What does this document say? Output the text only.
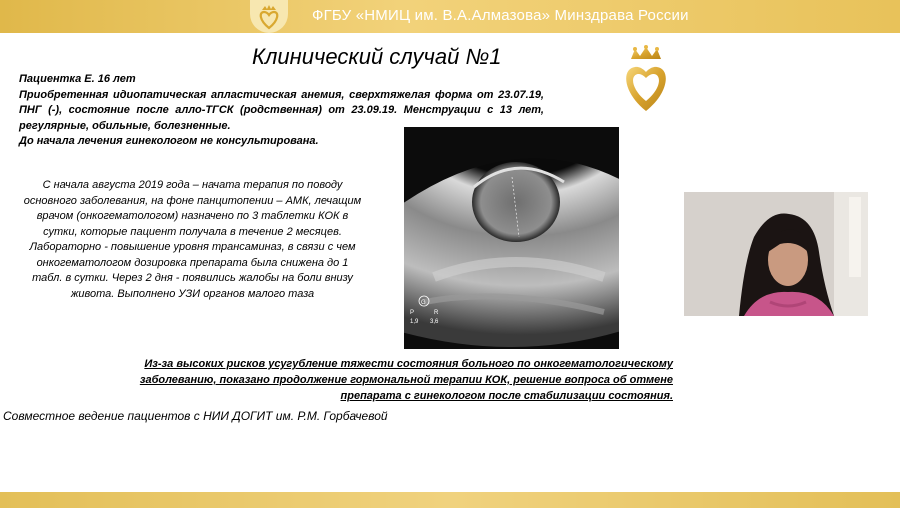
ФГБУ «НМИЦ им. В.А.Алмазова» Минздрава России
Клинический случай №1

Пациентка Е. 16 лет

Приобретенная идиопатическая апластическая анемия, сверхтяжелая форма от 23.07.19, ПНГ (-), состояние после алло-ТГСК (родственная) от 23.09.19. Менструации с 13 лет, регулярные, обильные, болезненные.

До начала лечения гинекологом не консультирована.

С начала августа 2019 года – начата терапия по поводу основного заболевания, на фоне панцитопении – АМК, лечащим врачом (онкогематологом) назначено по 3 таблетки КОК в сутки, которые пациент получала в течение 2 месяцев. Лабораторно - повышение уровня трансаминаз, в связи с чем онкогематологом дозировка препарата была снижена до 1 табл. в сутки. Через 2 дня - появились жалобы на боли внизу живота. Выполнено УЗИ органов малого таза
G
P	R
1,9 3,6
Из-за высоких рисков усугубление тяжести состояния больного по онкогематологическому заболеванию, показано продолжение гормональной терапии КОК, решение вопроса об отмене препарата с гинекологом после стабилизации состояния.
Совместное ведение пациентов с НИИ ДОГИТ им. Р.М. Горбачевой
